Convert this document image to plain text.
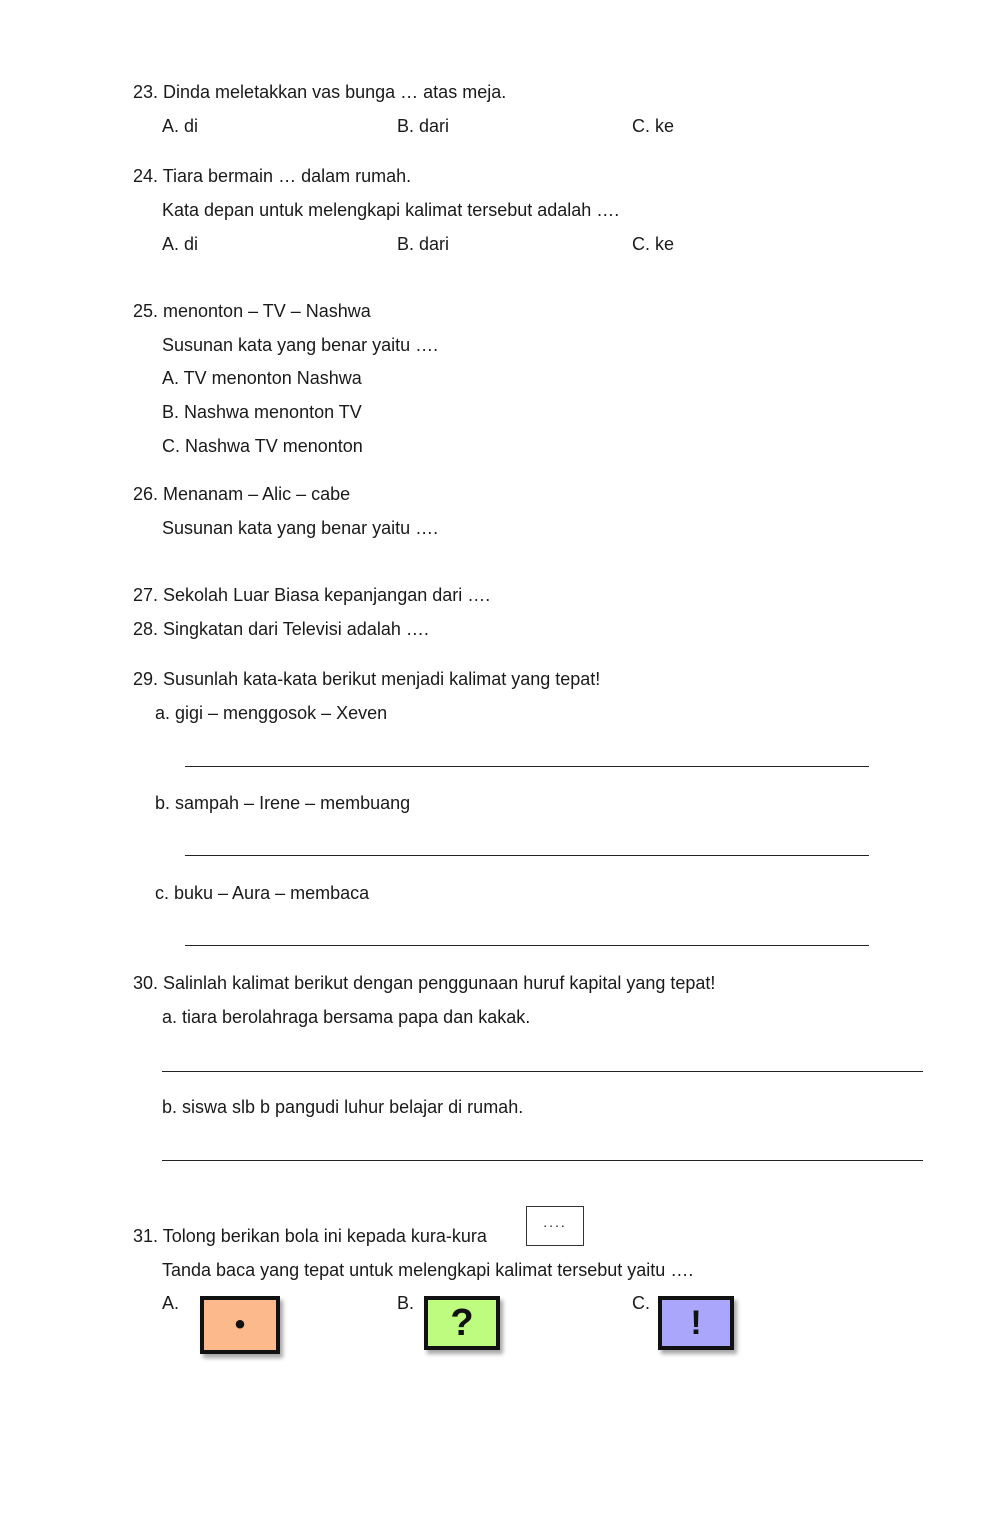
23. Dinda meletakkan vas bunga … atas meja.
A. di	B. dari	C. ke
24. Tiara bermain … dalam rumah.
Kata depan untuk melengkapi kalimat tersebut adalah ….
A. di	B. dari	C. ke
25. menonton – TV – Nashwa
Susunan kata yang benar yaitu ….
A. TV menonton Nashwa
B. Nashwa menonton TV
C. Nashwa TV menonton
26. Menanam – Alic – cabe
Susunan kata yang benar yaitu ….
27. Sekolah Luar Biasa kepanjangan dari ….
28. Singkatan dari Televisi adalah ….
29. Susunlah kata-kata berikut menjadi kalimat yang tepat!
a. gigi – menggosok – Xeven
b. sampah – Irene – membuang
c. buku – Aura – membaca
30. Salinlah kalimat berikut dengan penggunaan huruf kapital yang tepat!
a. tiara berolahraga bersama papa dan kakak.
b. siswa slb b pangudi luhur belajar di rumah.
31. Tolong berikan bola ini kepada kura-kura
....
Tanda baca yang tepat untuk melengkapi kalimat tersebut yaitu ….
A.
•
B. ?	C.
!
